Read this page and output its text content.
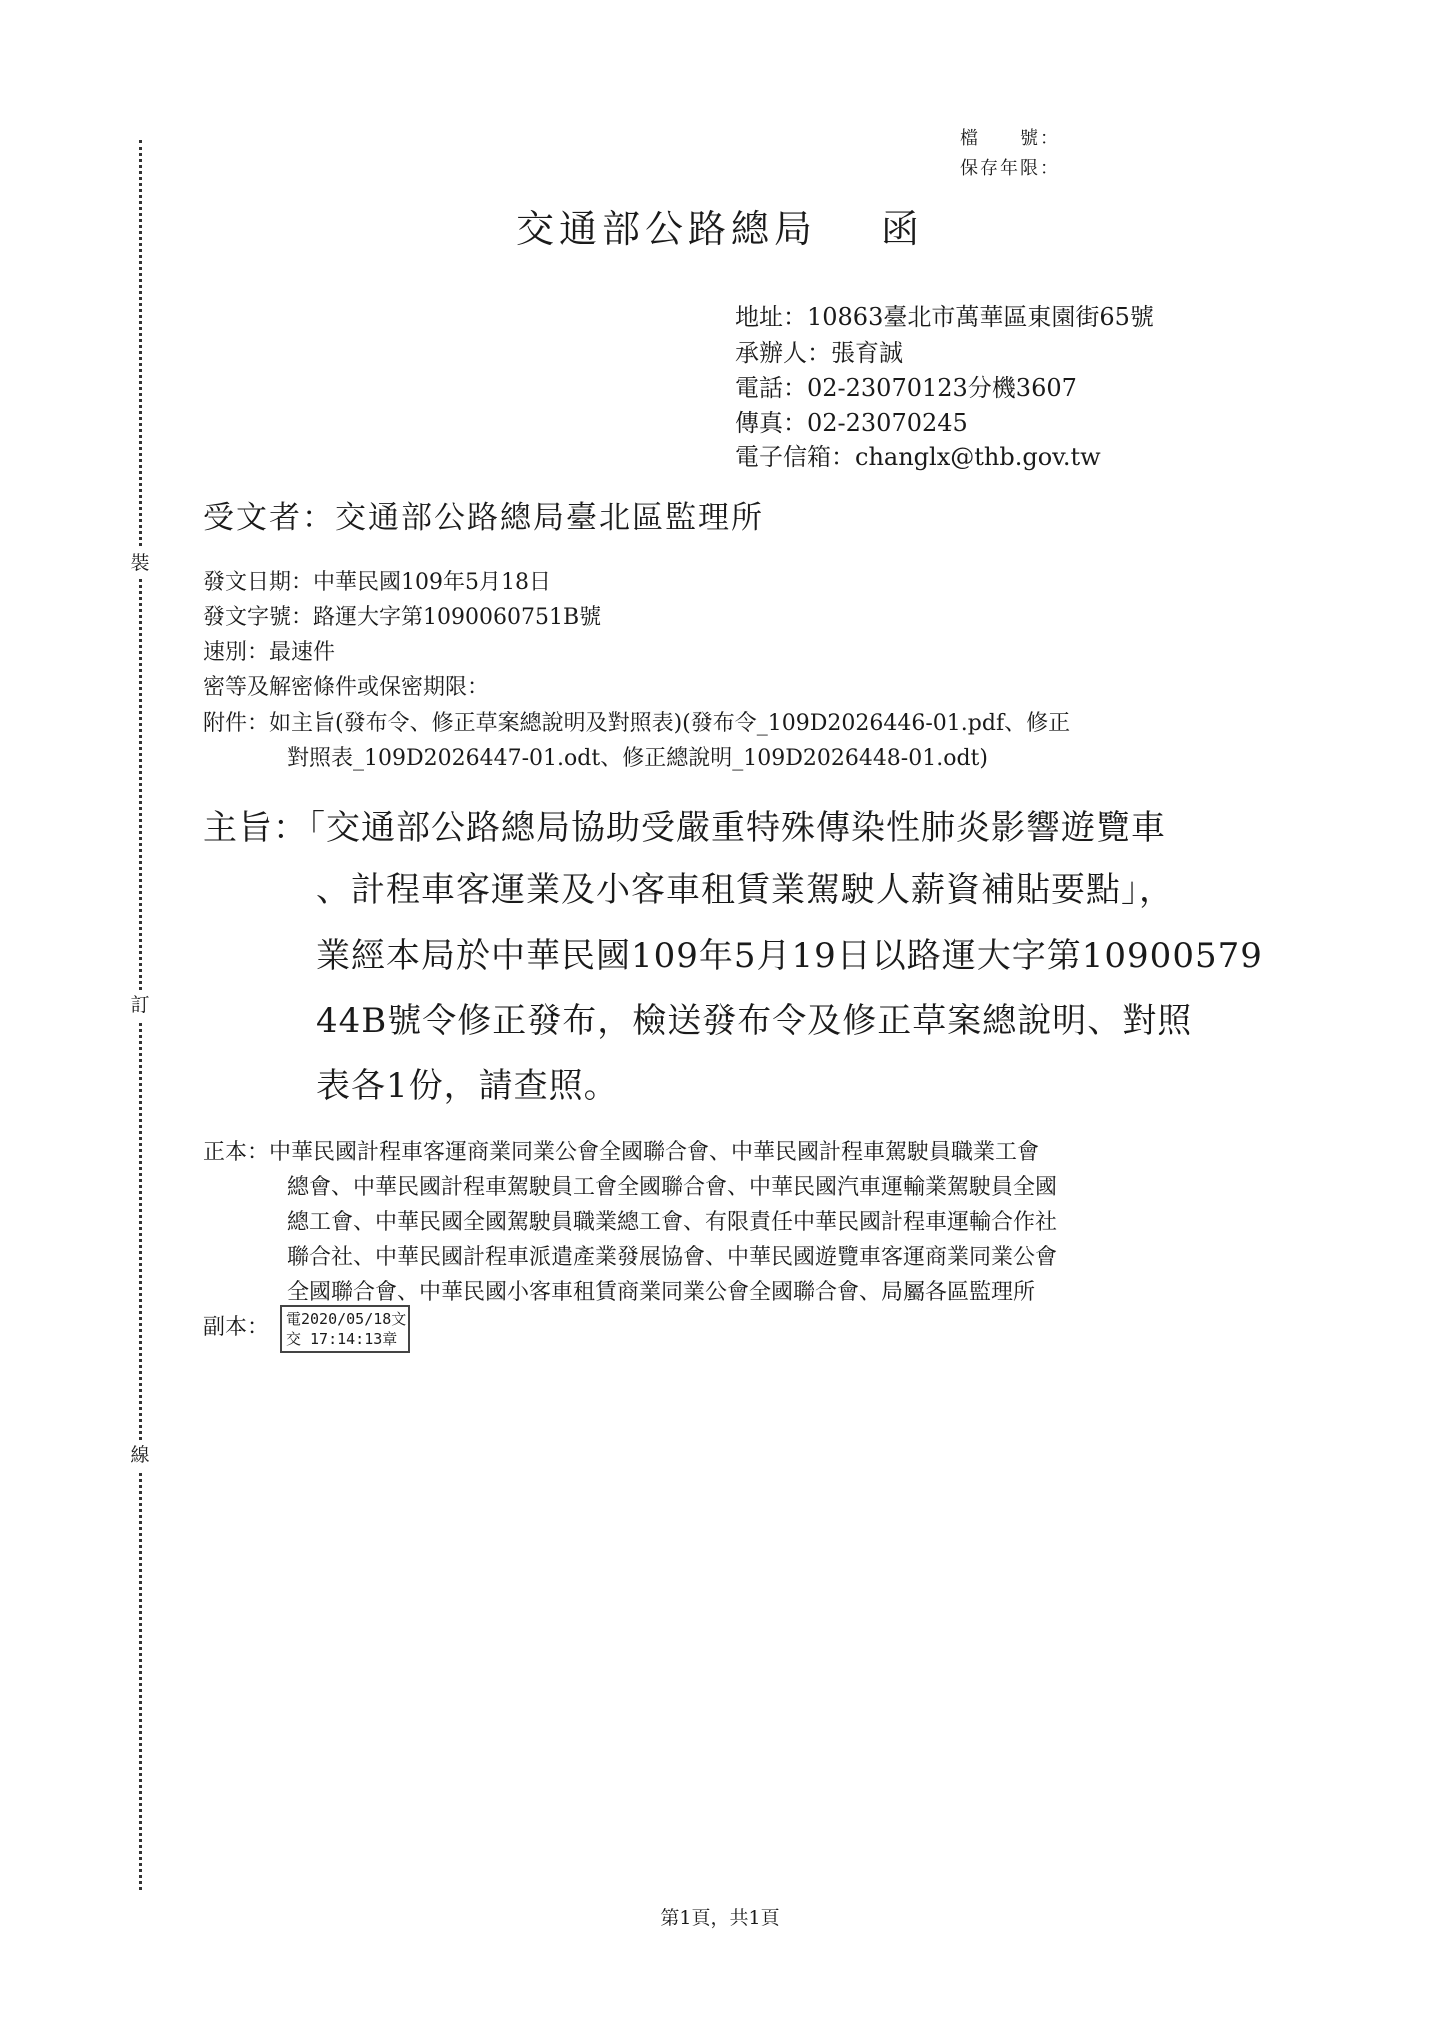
裝
訂
線
檔　　號：
保存年限：
交通部公路總局 函
地址：10863臺北市萬華區東園街65號
承辦人：張育誠
電話：02-23070123分機3607
傳真：02-23070245
電子信箱：changlx@thb.gov.tw
受文者：交通部公路總局臺北區監理所
發文日期：中華民國109年5月18日
發文字號：路運大字第1090060751B號
速別：最速件
密等及解密條件或保密期限：
附件：如主旨(發布令、修正草案總說明及對照表)(發布令_109D2026446-01.pdf、修正
對照表_109D2026447-01.odt、修正總說明_109D2026448-01.odt)
主旨：「交通部公路總局協助受嚴重特殊傳染性肺炎影響遊覽車
、計程車客運業及小客車租賃業駕駛人薪資補貼要點」，
業經本局於中華民國109年5月19日以路運大字第10900579
44B號令修正發布，檢送發布令及修正草案總說明、對照
表各1份，請查照。
正本：中華民國計程車客運商業同業公會全國聯合會、中華民國計程車駕駛員職業工會
總會、中華民國計程車駕駛員工會全國聯合會、中華民國汽車運輸業駕駛員全國
總工會、中華民國全國駕駛員職業總工會、有限責任中華民國計程車運輸合作社
聯合社、中華民國計程車派遣產業發展協會、中華民國遊覽車客運商業同業公會
全國聯合會、中華民國小客車租賃商業同業公會全國聯合會、局屬各區監理所
副本： 電2020/05/18文
交 17:14:13章
第1頁，共1頁
